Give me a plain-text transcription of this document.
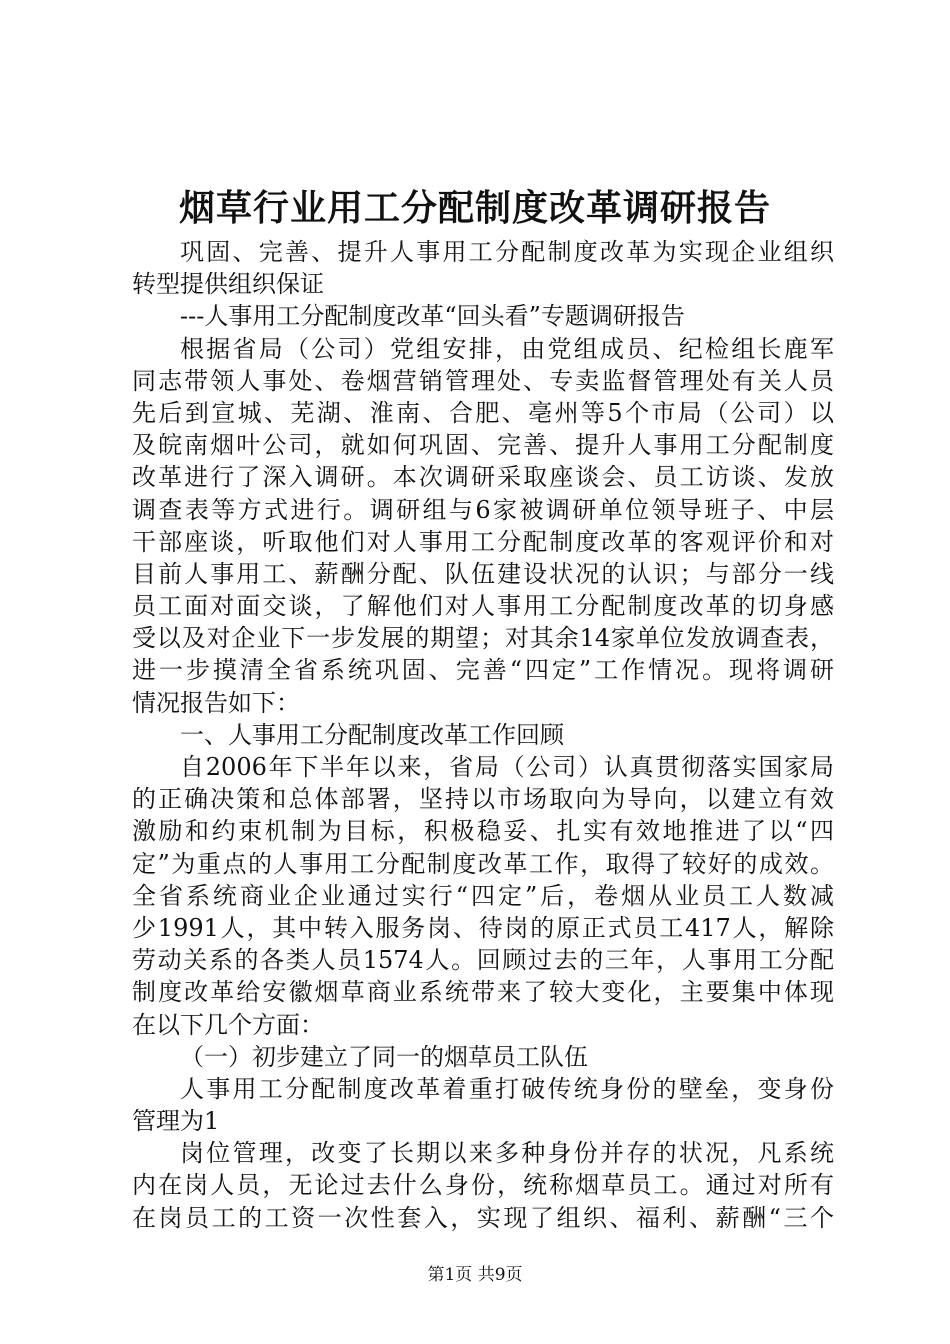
烟草行业用工分配制度改革调研报告
巩固、完善、提升人事用工分配制度改革为实现企业组织
转型提供组织保证
---人事用工分配制度改革“回头看”专题调研报告
根据省局（公司）党组安排，由党组成员、纪检组长鹿军
同志带领人事处、卷烟营销管理处、专卖监督管理处有关人员
先后到宣城、芜湖、淮南、合肥、亳州等5个市局（公司）以
及皖南烟叶公司，就如何巩固、完善、提升人事用工分配制度
改革进行了深入调研。本次调研采取座谈会、员工访谈、发放
调查表等方式进行。调研组与6家被调研单位领导班子、中层
干部座谈，听取他们对人事用工分配制度改革的客观评价和对
目前人事用工、薪酬分配、队伍建设状况的认识；与部分一线
员工面对面交谈，了解他们对人事用工分配制度改革的切身感
受以及对企业下一步发展的期望；对其余14家单位发放调查表，
进一步摸清全省系统巩固、完善“四定”工作情况。现将调研
情况报告如下：
一、人事用工分配制度改革工作回顾
自2006年下半年以来，省局（公司）认真贯彻落实国家局
的正确决策和总体部署，坚持以市场取向为导向，以建立有效
激励和约束机制为目标，积极稳妥、扎实有效地推进了以“四
定”为重点的人事用工分配制度改革工作，取得了较好的成效。
全省系统商业企业通过实行“四定”后，卷烟从业员工人数减
少1991人，其中转入服务岗、待岗的原正式员工417人，解除
劳动关系的各类人员1574人。回顾过去的三年，人事用工分配
制度改革给安徽烟草商业系统带来了较大变化，主要集中体现
在以下几个方面：
（一）初步建立了同一的烟草员工队伍
人事用工分配制度改革着重打破传统身份的壁垒，变身份
管理为1
岗位管理，改变了长期以来多种身份并存的状况，凡系统
内在岗人员，无论过去什么身份，统称烟草员工。通过对所有
在岗员工的工资一次性套入，实现了组织、福利、薪酬“三个
第1页 共9页
